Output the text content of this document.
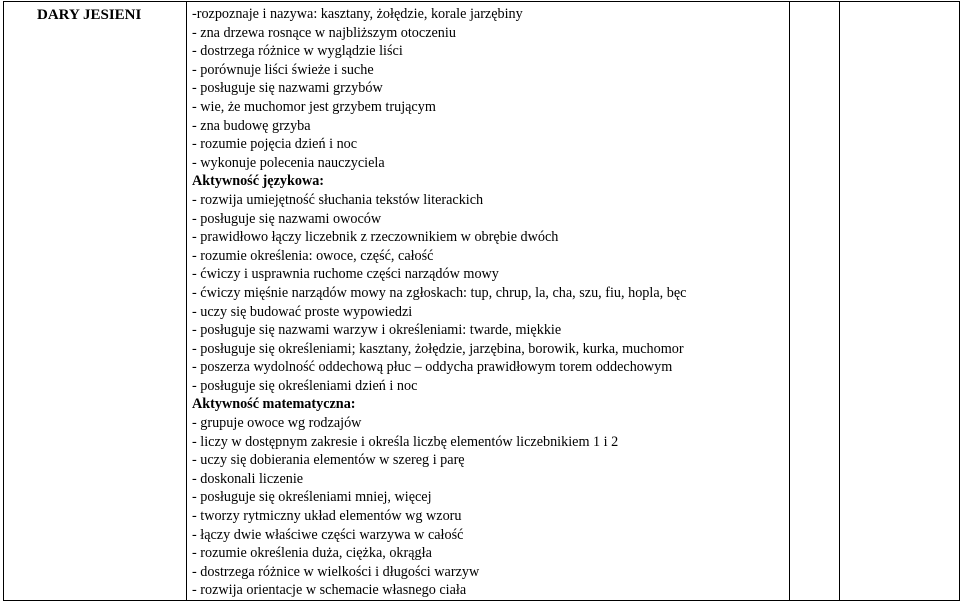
DARY JESIENI	-rozpoznaje i nazywa: kasztany, żołędzie, korale jarzębiny
- zna drzewa rosnące w najbliższym otoczeniu
- dostrzega różnice w wyglądzie liści
- porównuje liści świeże i suche
- posługuje się nazwami grzybów
- wie, że muchomor jest grzybem trującym
- zna budowę grzyba
- rozumie pojęcia dzień i noc
- wykonuje polecenia nauczyciela
Aktywność językowa:
- rozwija umiejętność słuchania tekstów literackich
- posługuje się nazwami owoców
- prawidłowo łączy liczebnik z rzeczownikiem w obrębie dwóch
- rozumie określenia: owoce, część, całość
- ćwiczy i usprawnia ruchome części narządów mowy
- ćwiczy mięśnie narządów mowy na zgłoskach: tup, chrup, la, cha, szu, fiu, hopla, bęc
- uczy się budować proste wypowiedzi
- posługuje się nazwami warzyw i określeniami: twarde, miękkie
- posługuje się określeniami; kasztany, żołędzie, jarzębina, borowik, kurka, muchomor
- poszerza wydolność oddechową płuc – oddycha prawidłowym torem oddechowym
- posługuje się określeniami dzień i noc
Aktywność matematyczna:
- grupuje owoce wg rodzajów
- liczy w dostępnym zakresie i określa liczbę elementów liczebnikiem 1 i 2
- uczy się dobierania elementów w szereg i parę
- doskonali liczenie
- posługuje się określeniami mniej, więcej
- tworzy rytmiczny układ elementów wg wzoru
- łączy dwie właściwe części warzywa w całość
- rozumie określenia duża, ciężka, okrągła
- dostrzega różnice w wielkości i długości warzyw
- rozwija orientacje w schemacie własnego ciała
